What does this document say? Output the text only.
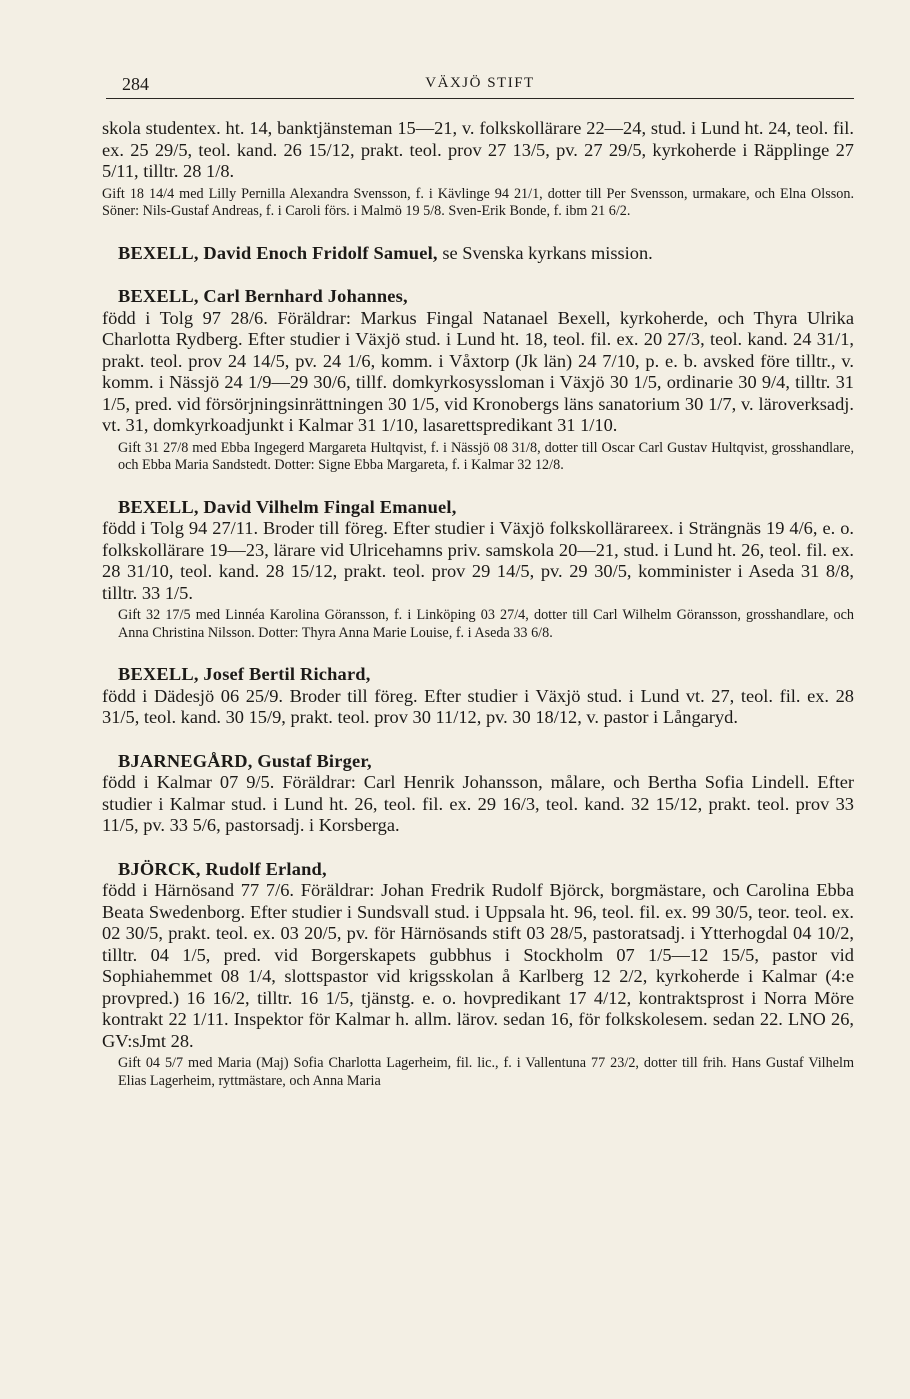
284	VÄXJÖ STIFT

skola studentex. ht. 14, banktjänsteman 15—21, v. folkskollärare 22—24, stud. i Lund ht. 24, teol. fil. ex. 25 29/5, teol. kand. 26 15/12, prakt. teol. prov 27 13/5, pv. 27 29/5, kyrkoherde i Räpplinge 27 5/11, tilltr. 28 1/8.

Gift 18 14/4 med Lilly Pernilla Alexandra Svensson, f. i Kävlinge 94 21/1, dotter till Per Svensson, urmakare, och Elna Olsson. Söner: Nils-Gustaf Andreas, f. i Caroli förs. i Malmö 19 5/8. Sven-Erik Bonde, f. ibm 21 6/2.

BEXELL, David Enoch Fridolf Samuel, se Svenska kyrkans mission.

BEXELL, Carl Bernhard Johannes,

född i Tolg 97 28/6. Föräldrar: Markus Fingal Natanael Bexell, kyrkoherde, och Thyra Ulrika Charlotta Rydberg. Efter studier i Växjö stud. i Lund ht. 18, teol. fil. ex. 20 27/3, teol. kand. 24 31/1, prakt. teol. prov 24 14/5, pv. 24 1/6, komm. i Våxtorp (Jk län) 24 7/10, p. e. b. avsked före tilltr., v. komm. i Nässjö 24 1/9—29 30/6, tillf. domkyrkosyssloman i Växjö 30 1/5, ordinarie 30 9/4, tilltr. 31 1/5, pred. vid försörjningsinrättningen 30 1/5, vid Kronobergs läns sanatorium 30 1/7, v. läroverksadj. vt. 31, domkyrkoadjunkt i Kalmar 31 1/10, lasarettspredikant 31 1/10.

Gift 31 27/8 med Ebba Ingegerd Margareta Hultqvist, f. i Nässjö 08 31/8, dotter till Oscar Carl Gustav Hultqvist, grosshandlare, och Ebba Maria Sandstedt. Dotter: Signe Ebba Margareta, f. i Kalmar 32 12/8.

BEXELL, David Vilhelm Fingal Emanuel,

född i Tolg 94 27/11. Broder till föreg. Efter studier i Växjö folkskollärareex. i Strängnäs 19 4/6, e. o. folkskollärare 19—23, lärare vid Ulricehamns priv. samskola 20—21, stud. i Lund ht. 26, teol. fil. ex. 28 31/10, teol. kand. 28 15/12, prakt. teol. prov 29 14/5, pv. 29 30/5, komminister i Aseda 31 8/8, tilltr. 33 1/5.

Gift 32 17/5 med Linnéa Karolina Göransson, f. i Linköping 03 27/4, dotter till Carl Wilhelm Göransson, grosshandlare, och Anna Christina Nilsson. Dotter: Thyra Anna Marie Louise, f. i Aseda 33 6/8.

BEXELL, Josef Bertil Richard,

född i Dädesjö 06 25/9. Broder till föreg. Efter studier i Växjö stud. i Lund vt. 27, teol. fil. ex. 28 31/5, teol. kand. 30 15/9, prakt. teol. prov 30 11/12, pv. 30 18/12, v. pastor i Långaryd.

BJARNEGÅRD, Gustaf Birger,

född i Kalmar 07 9/5. Föräldrar: Carl Henrik Johansson, målare, och Bertha Sofia Lindell. Efter studier i Kalmar stud. i Lund ht. 26, teol. fil. ex. 29 16/3, teol. kand. 32 15/12, prakt. teol. prov 33 11/5, pv. 33 5/6, pastorsadj. i Korsberga.

BJÖRCK, Rudolf Erland,

född i Härnösand 77 7/6. Föräldrar: Johan Fredrik Rudolf Björck, borgmästare, och Carolina Ebba Beata Swedenborg. Efter studier i Sundsvall stud. i Uppsala ht. 96, teol. fil. ex. 99 30/5, teor. teol. ex. 02 30/5, prakt. teol. ex. 03 20/5, pv. för Härnösands stift 03 28/5, pastoratsadj. i Ytterhogdal 04 10/2, tilltr. 04 1/5, pred. vid Borgerskapets gubbhus i Stockholm 07 1/5—12 15/5, pastor vid Sophiahemmet 08 1/4, slottspastor vid krigsskolan å Karlberg 12 2/2, kyrkoherde i Kalmar (4:e provpred.) 16 16/2, tilltr. 16 1/5, tjänstg. e. o. hovpredikant 17 4/12, kontraktsprost i Norra Möre kontrakt 22 1/11. Inspektor för Kalmar h. allm. lärov. sedan 16, för folkskolesem. sedan 22. LNO 26, GV:sJmt 28.

Gift 04 5/7 med Maria (Maj) Sofia Charlotta Lagerheim, fil. lic., f. i Vallentuna 77 23/2, dotter till frih. Hans Gustaf Vilhelm Elias Lagerheim, ryttmästare, och Anna Maria
